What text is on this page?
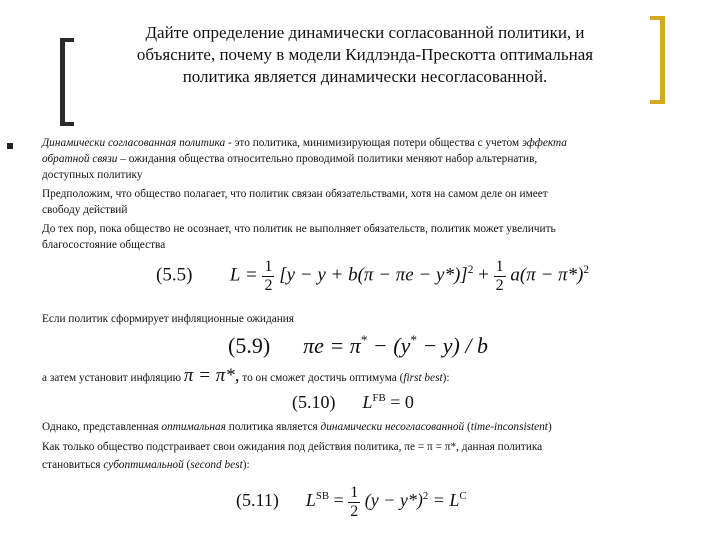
Дайте определение динамически согласованной политики, и
объясните, почему в модели Кидлэнда-Прескотта оптимальная
политика является динамически несогласованной.
Динамически согласованная политика - это политика, минимизирующая потери общества с учетом эффекта
обратной связи – ожидания общества относительно проводимой политики меняют набор альтернатив,
доступных политику
Предположим, что общество полагает, что политик связан обязательствами, хотя на самом деле он имеет
свободу действий
До тех пор, пока общество не осознает, что политик не выполняет обязательств, политик может увеличить
благосостояние общества
(5.5) $L = \frac{1}{2} [y - y + b(\pi - \pi e - y*)]^2 + \frac{1}{2} a(\pi - \pi*)^2$
Если политик сформирует инфляционные ожидания
(5.9) πe = π* − (y* − y) / b
а затем установит инфляцию π = π*, то он сможет достичь оптимума (first best):
(5.10) $L^{FB} = 0$
Однако, представленная оптимальная политика является динамически несогласованной (time-inconsistent)
Как только общество подстраивает свои ожидания под действия политика, πe = π = π*, данная политика
становиться субоптимальной (second best):
(5.11) $L^{SB} = \frac{1}{2} (y - y*)^2 = L^C$
